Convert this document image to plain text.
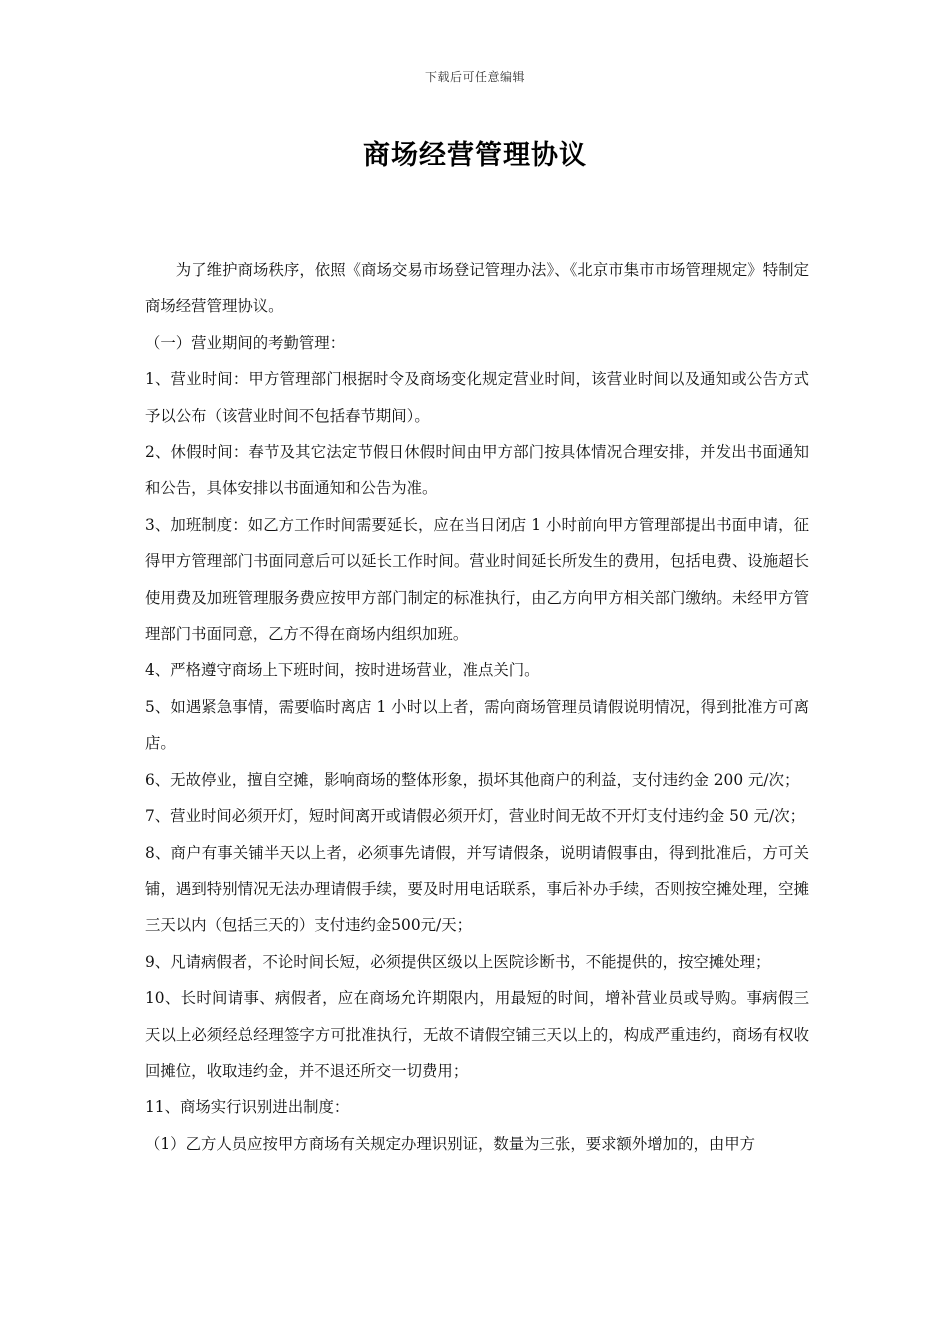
下载后可任意编辑
商场经营管理协议

为了维护商场秩序，依照《商场交易市场登记管理办法》、《北京市集市市场管理规定》特制定商场经营管理协议。

（一）营业期间的考勤管理：

1、营业时间：甲方管理部门根据时令及商场变化规定营业时间，该营业时间以及通知或公告方式予以公布（该营业时间不包括春节期间）。

2、休假时间：春节及其它法定节假日休假时间由甲方部门按具体情况合理安排，并发出书面通知和公告，具体安排以书面通知和公告为准。

3、加班制度：如乙方工作时间需要延长，应在当日闭店 1 小时前向甲方管理部提出书面申请，征得甲方管理部门书面同意后可以延长工作时间。营业时间延长所发生的费用，包括电费、设施超长使用费及加班管理服务费应按甲方部门制定的标准执行，由乙方向甲方相关部门缴纳。未经甲方管理部门书面同意，乙方不得在商场内组织加班。

4、严格遵守商场上下班时间，按时进场营业，准点关门。

5、如遇紧急事情，需要临时离店 1 小时以上者，需向商场管理员请假说明情况，得到批准方可离店。

6、无故停业，擅自空摊，影响商场的整体形象，损坏其他商户的利益，支付违约金 200 元/次；

7、营业时间必须开灯，短时间离开或请假必须开灯，营业时间无故不开灯支付违约金 50 元/次；

8、商户有事关铺半天以上者，必须事先请假，并写请假条，说明请假事由，得到批准后，方可关铺，遇到特别情况无法办理请假手续，要及时用电话联系，事后补办手续，否则按空摊处理，空摊三天以内（包括三天的）支付违约金500元/天；

9、凡请病假者，不论时间长短，必须提供区级以上医院诊断书，不能提供的，按空摊处理；

10、长时间请事、病假者，应在商场允许期限内，用最短的时间，增补营业员或导购。事病假三天以上必须经总经理签字方可批准执行，无故不请假空铺三天以上的，构成严重违约，商场有权收回摊位，收取违约金，并不退还所交一切费用；

11、商场实行识别进出制度：

（1）乙方人员应按甲方商场有关规定办理识别证，数量为三张，要求额外增加的，由甲方
